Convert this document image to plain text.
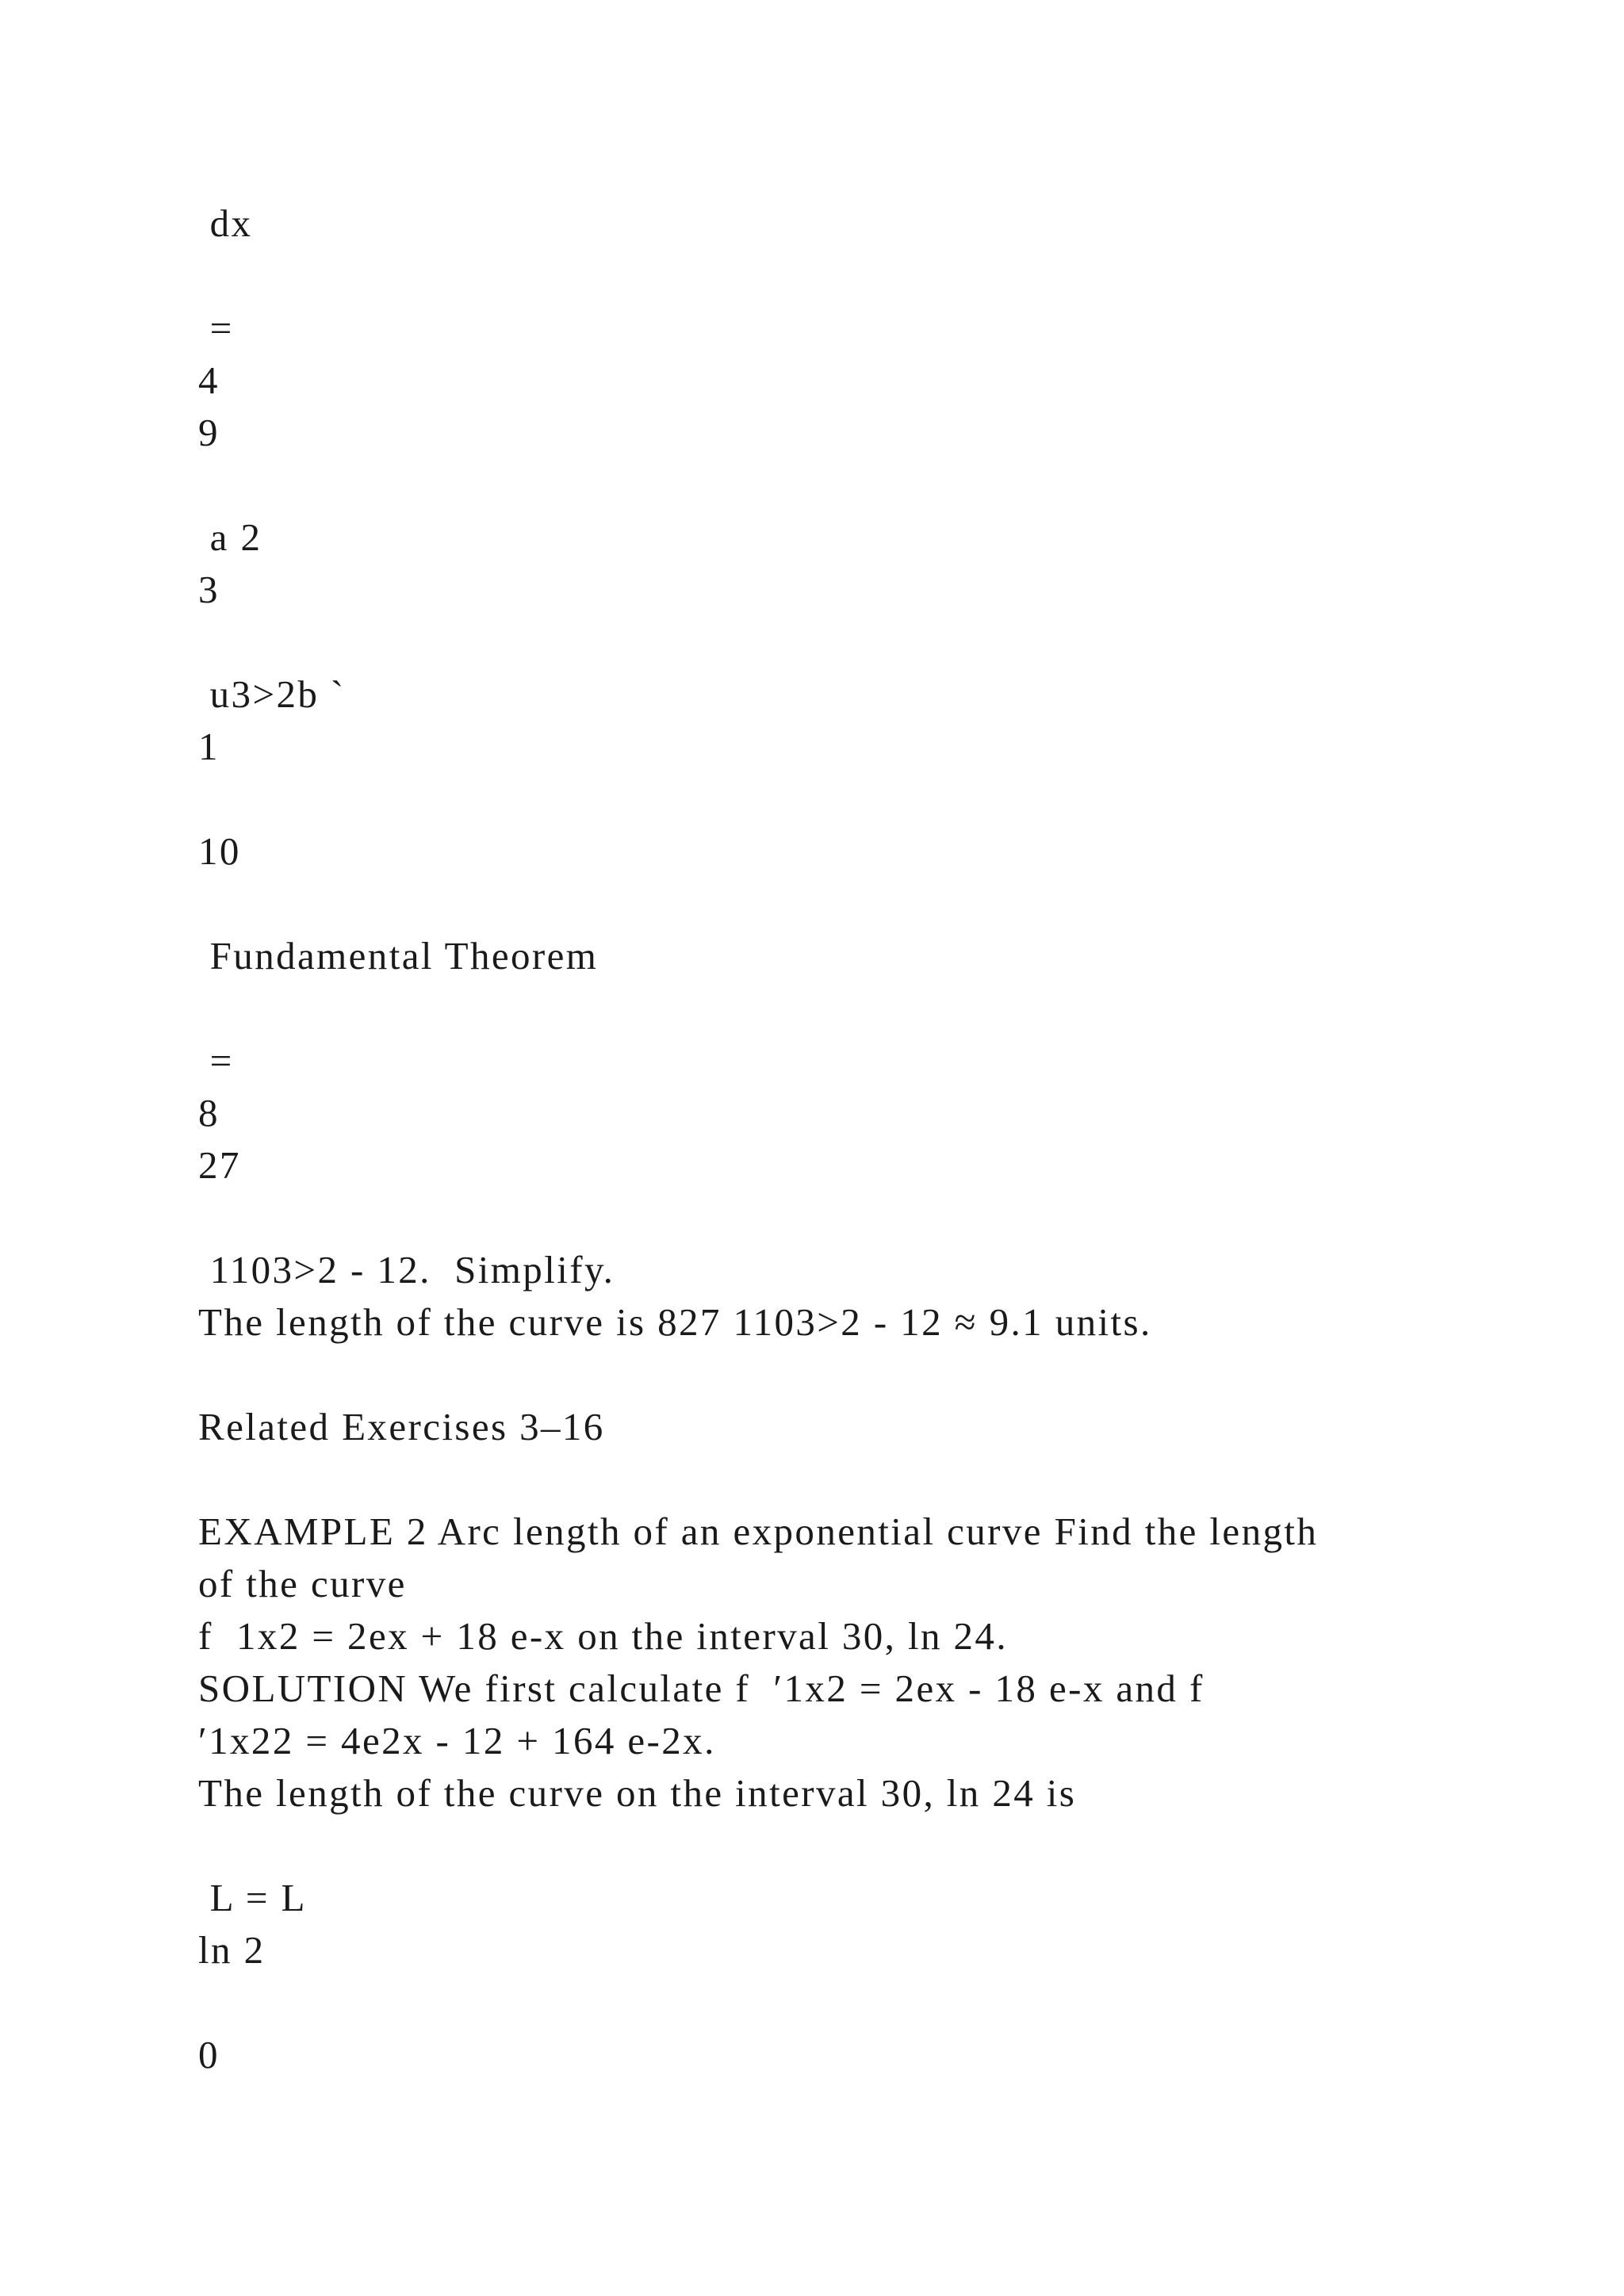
dx

=

4

9

a 2

3

u3>2b `

1

10

Fundamental Theorem

=

8

27

1103>2 - 12.  Simplify.

The length of the curve is 827 1103>2 - 12 ≈ 9.1 units.

Related Exercises 3–16

EXAMPLE 2 Arc length of an exponential curve Find the length

of the curve

f  1x2 = 2ex + 18 e-x on the interval 30, ln 24.

SOLUTION We first calculate f  ′1x2 = 2ex - 18 e-x and f

′1x22 = 4e2x - 12 + 164 e-2x.

The length of the curve on the interval 30, ln 24 is

L = L

ln 2

0
